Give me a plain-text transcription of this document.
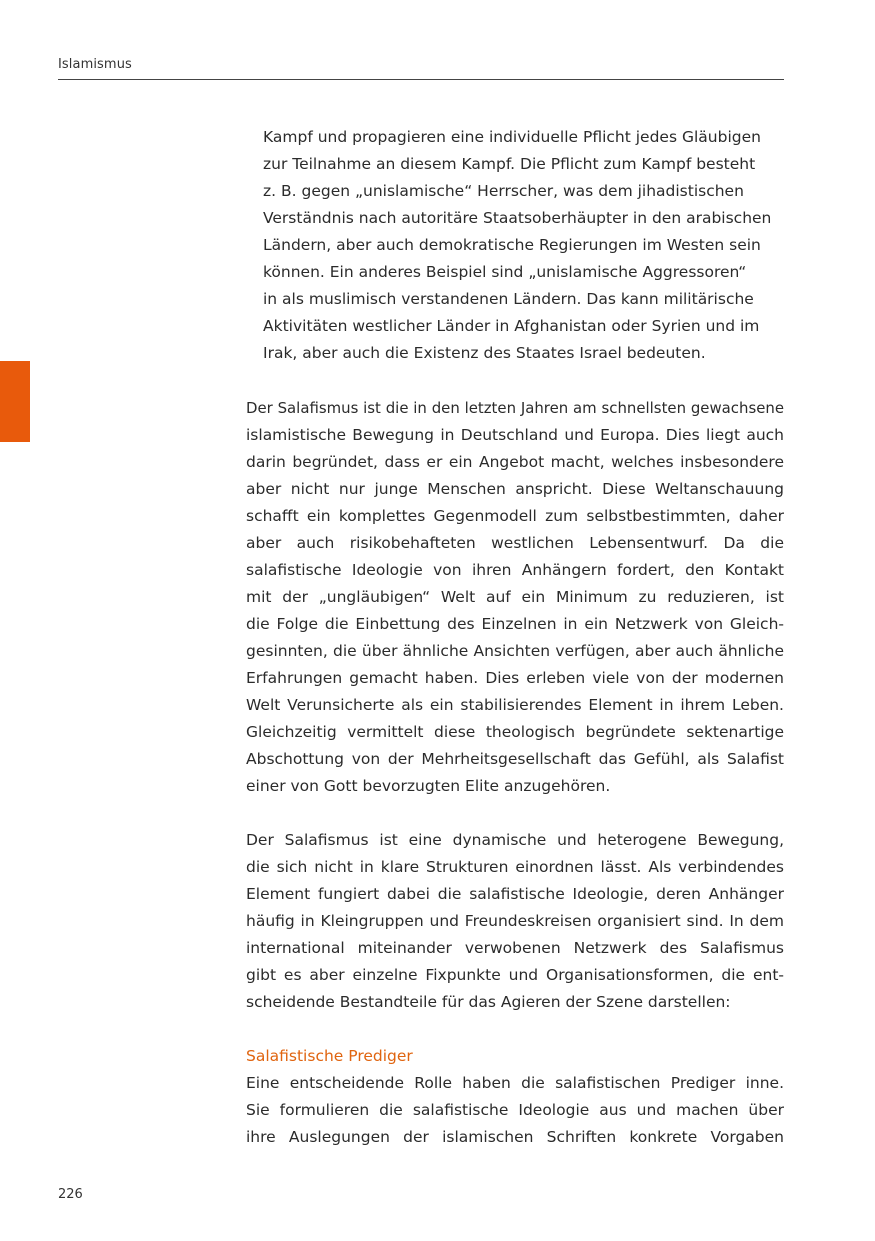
Islamismus
Kampf und propagieren eine individuelle Pflicht jedes Gläubigen
zur Teilnahme an diesem Kampf. Die Pflicht zum Kampf besteht
z. B. gegen „unislamische“ Herrscher, was dem jihadistischen
Verständnis nach autoritäre Staatsoberhäupter in den arabischen
Ländern, aber auch demokratische Regierungen im Westen sein
können. Ein anderes Beispiel sind „unislamische Aggressoren“
in als muslimisch verstandenen Ländern. Das kann militärische
Aktivitäten westlicher Länder in Afghanistan oder Syrien und im
Irak, aber auch die Existenz des Staates Israel bedeuten.
Der Salafismus ist die in den letzten Jahren am schnellsten gewachsene
islamistische Bewegung in Deutschland und Europa. Dies liegt auch
darin begründet, dass er ein Angebot macht, welches insbesondere
aber nicht nur junge Menschen anspricht. Diese Weltanschauung
schafft ein komplettes Gegenmodell zum selbstbestimmten, daher
aber auch risikobehafteten westlichen Lebensentwurf. Da die
salafistische Ideologie von ihren Anhängern fordert, den Kontakt
mit der „ungläubigen“ Welt auf ein Minimum zu reduzieren, ist
die Folge die Einbettung des Einzelnen in ein Netzwerk von Gleich-
gesinnten, die über ähnliche Ansichten verfügen, aber auch ähnliche
Erfahrungen gemacht haben. Dies erleben viele von der modernen
Welt Verunsicherte als ein stabilisierendes Element in ihrem Leben.
Gleichzeitig vermittelt diese theologisch begründete sektenartige
Abschottung von der Mehrheitsgesellschaft das Gefühl, als Salafist
einer von Gott bevorzugten Elite anzugehören.
Der Salafismus ist eine dynamische und heterogene Bewegung,
die sich nicht in klare Strukturen einordnen lässt. Als verbindendes
Element fungiert dabei die salafistische Ideologie, deren Anhänger
häufig in Kleingruppen und Freundeskreisen organisiert sind. In dem
international miteinander verwobenen Netzwerk des Salafismus
gibt es aber einzelne Fixpunkte und Organisationsformen, die ent-
scheidende Bestandteile für das Agieren der Szene darstellen:
Salafistische Prediger
Eine entscheidende Rolle haben die salafistischen Prediger inne.
Sie formulieren die salafistische Ideologie aus und machen über
ihre Auslegungen der islamischen Schriften konkrete Vorgaben
226
